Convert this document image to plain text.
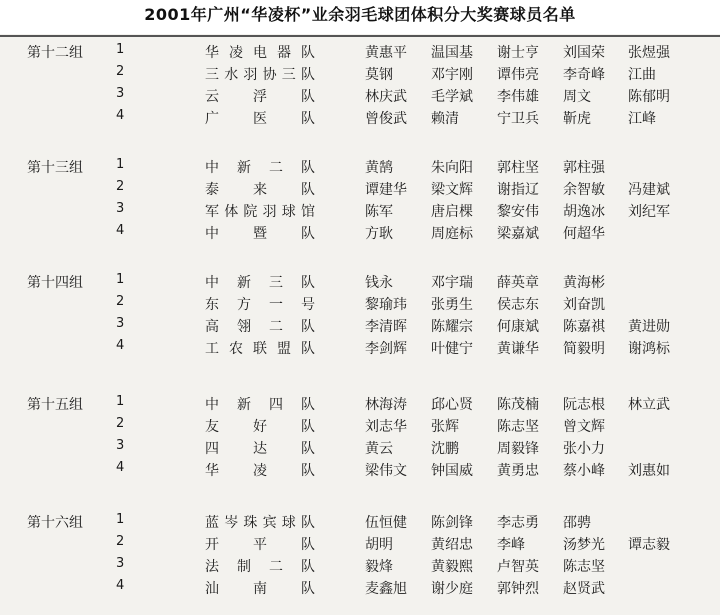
2001年广州“华凌杯”业余羽毛球团体积分大奖赛球员名单
第十二组	1	华凌电器队	黄惠平 温国基 谢士亨 刘国荣 张煜强
2	三水羽协三队	莫钢	邓宇刚 谭伟亮 李奇峰 江曲
3	云浮队	林庆武 毛学斌 李伟雄 周文	陈郁明
4	广医队	曾俊武 赖清	宁卫兵 靳虎	江峰
第十三组	1	中新二队	黄鹄	朱向阳 郭柱坚 郭柱强
2	泰来队	谭建华 梁文辉 谢指辽 余智敏 冯建斌
3	军体院羽球馆	陈军	唐启棵 黎安伟 胡逸冰 刘纪军
4	中暨队	方耿	周庭标 梁嘉斌 何超华
第十四组	1	中新三队	钱永	邓宇瑞 薛英章 黄海彬
2	东方一号	黎瑜玮 张勇生 侯志东 刘奋凯
3	高翎二队	李清晖 陈耀宗 何康斌 陈嘉祺 黄进勋
4	工农联盟队	李剑辉 叶健宁 黄谦华 简毅明 谢鸿标
第十五组	1	中新四队	林海涛 邱心贤 陈茂楠 阮志根 林立武
2	友好队	刘志华 张辉	陈志坚 曾文辉
3	四达队	黄云	沈鹏	周毅锋 张小力
4	华凌队	梁伟文 钟国威 黄勇忠 蔡小峰 刘惠如
第十六组	1	蓝岑珠宾球队	伍恒健 陈剑锋 李志勇 邵骋
2	开平队	胡明	黄绍忠 李峰	汤梦光 谭志毅
3	法制二队	毅烽	黄毅熙 卢智英 陈志坚
4	汕南队	麦鑫旭 谢少庭 郭钟烈 赵贤武
